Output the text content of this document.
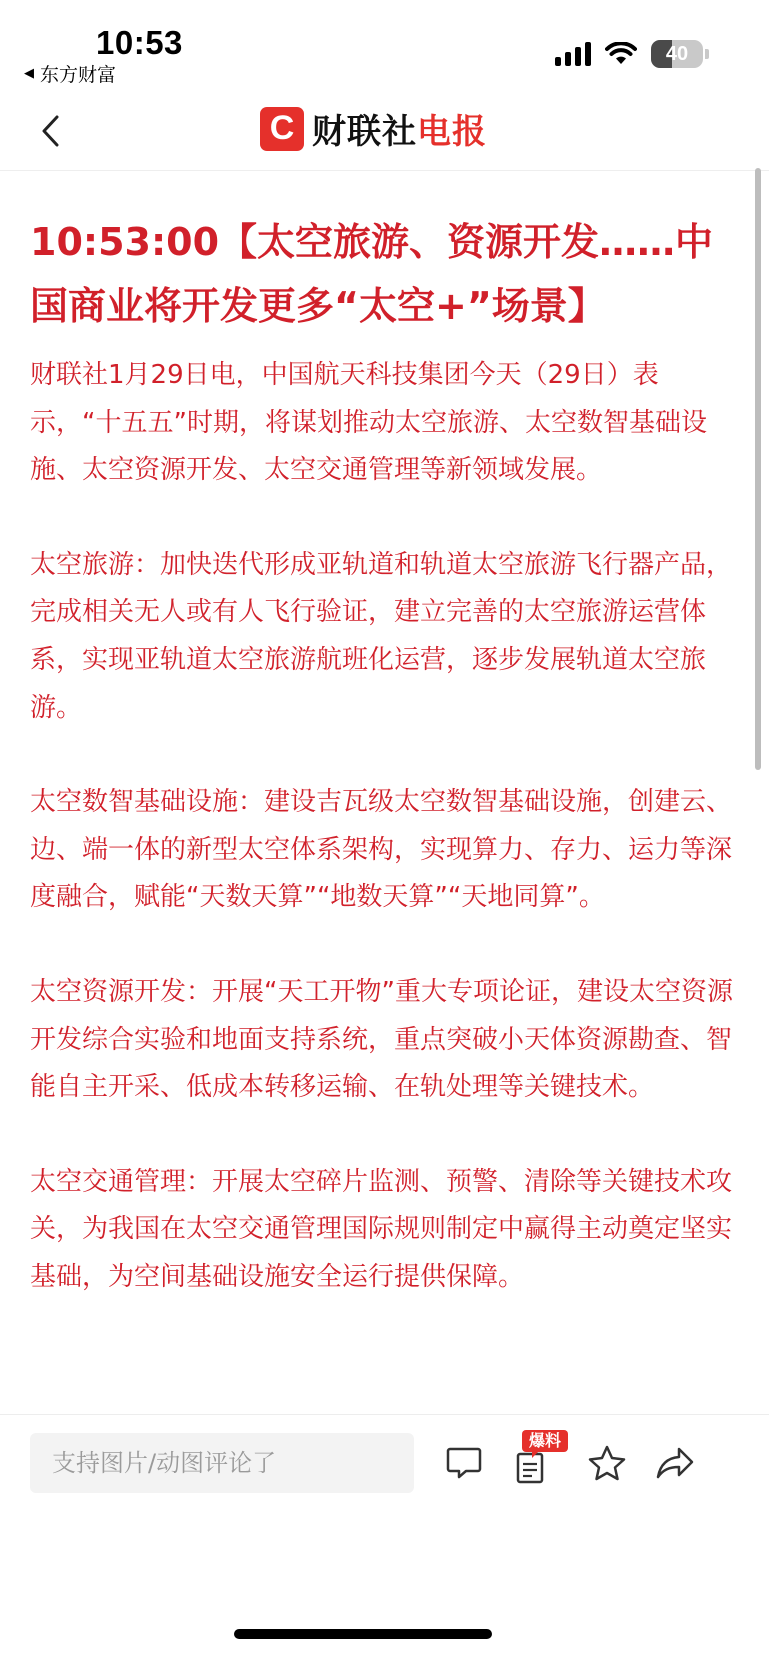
10:53
◀ 东方财富
40
C 财联社电报
10:53:00【太空旅游、资源开发……中国商业将开发更多“太空+”场景】

财联社1月29日电，中国航天科技集团今天（29日）表示，“十五五”时期，将谋划推动太空旅游、太空数智基础设施、太空资源开发、太空交通管理等新领域发展。

太空旅游：加快迭代形成亚轨道和轨道太空旅游飞行器产品，完成相关无人或有人飞行验证，建立完善的太空旅游运营体系，实现亚轨道太空旅游航班化运营，逐步发展轨道太空旅游。

太空数智基础设施：建设吉瓦级太空数智基础设施，创建云、边、端一体的新型太空体系架构，实现算力、存力、运力等深度融合，赋能“天数天算”“地数天算”“天地同算”。

太空资源开发：开展“天工开物”重大专项论证，建设太空资源开发综合实验和地面支持系统，重点突破小天体资源勘查、智能自主开采、低成本转移运输、在轨处理等关键技术。

太空交通管理：开展太空碎片监测、预警、清除等关键技术攻关，为我国在太空交通管理国际规则制定中赢得主动奠定坚实基础，为空间基础设施安全运行提供保障。

支持图片/动图评论了
爆料
